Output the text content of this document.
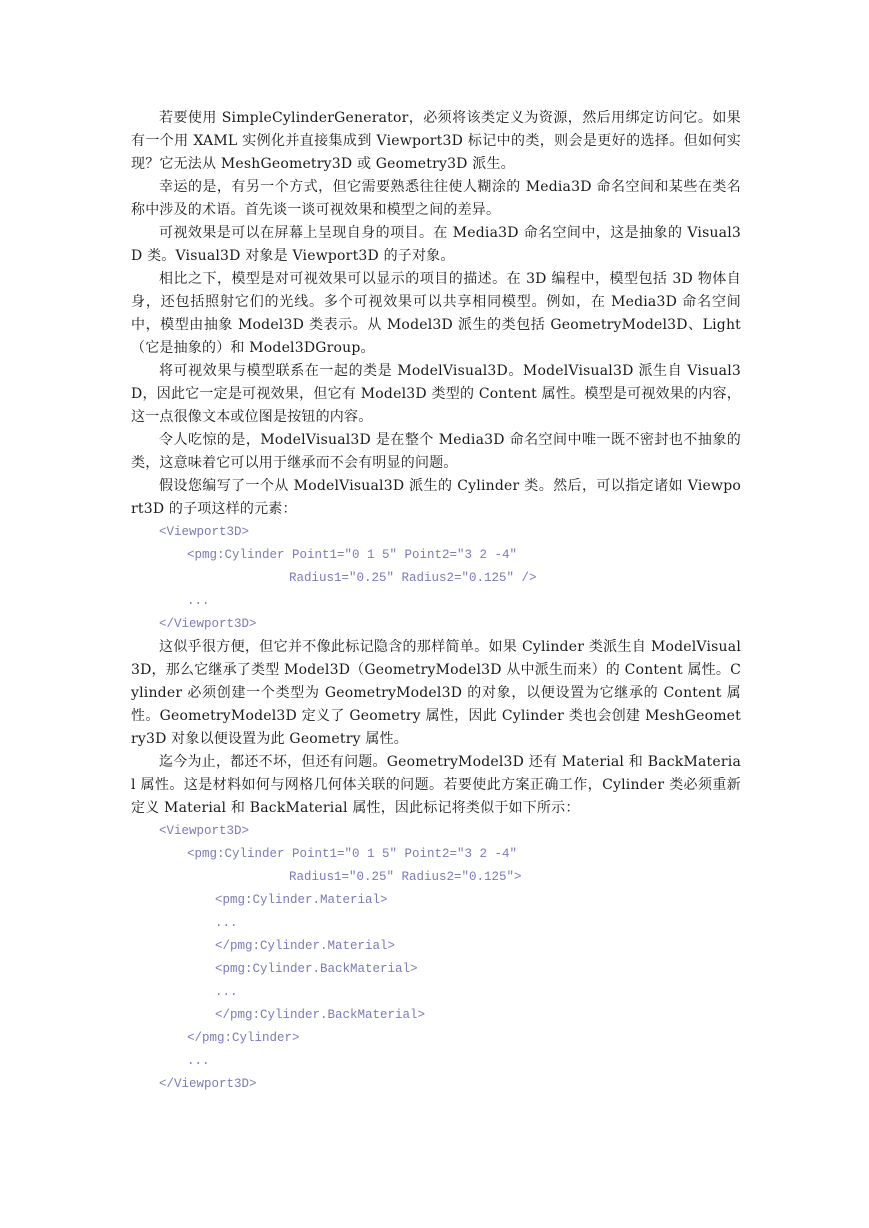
若要使用 SimpleCylinderGenerator，必须将该类定义为资源，然后用绑定访问它。如果有一个用 XAML 实例化并直接集成到 Viewport3D 标记中的类，则会是更好的选择。但如何实现？它无法从 MeshGeometry3D 或 Geometry3D 派生。

幸运的是，有另一个方式，但它需要熟悉往往使人糊涂的 Media3D 命名空间和某些在类名称中涉及的术语。首先谈一谈可视效果和模型之间的差异。

可视效果是可以在屏幕上呈现自身的项目。在 Media3D 命名空间中，这是抽象的 Visual3D 类。Visual3D 对象是 Viewport3D 的子对象。

相比之下，模型是对可视效果可以显示的项目的描述。在 3D 编程中，模型包括 3D 物体自身，还包括照射它们的光线。多个可视效果可以共享相同模型。例如，在 Media3D 命名空间中，模型由抽象 Model3D 类表示。从 Model3D 派生的类包括 GeometryModel3D、Light（它是抽象的）和 Model3DGroup。

将可视效果与模型联系在一起的类是 ModelVisual3D。ModelVisual3D 派生自 Visual3D，因此它一定是可视效果，但它有 Model3D 类型的 Content 属性。模型是可视效果的内容，这一点很像文本或位图是按钮的内容。

令人吃惊的是，ModelVisual3D 是在整个 Media3D 命名空间中唯一既不密封也不抽象的类，这意味着它可以用于继承而不会有明显的问题。

假设您编写了一个从 ModelVisual3D 派生的 Cylinder 类。然后，可以指定诸如 Viewport3D 的子项这样的元素：

<Viewport3D>
<pmg:Cylinder Point1="0 1 5" Point2="3 2 -4"
Radius1="0.25" Radius2="0.125" />
...
</Viewport3D>

这似乎很方便，但它并不像此标记隐含的那样简单。如果 Cylinder 类派生自 ModelVisual3D，那么它继承了类型 Model3D（GeometryModel3D 从中派生而来）的 Content 属性。Cylinder 必须创建一个类型为 GeometryModel3D 的对象，以便设置为它继承的 Content 属性。GeometryModel3D 定义了 Geometry 属性，因此 Cylinder 类也会创建 MeshGeometry3D 对象以便设置为此 Geometry 属性。

迄今为止，都还不坏，但还有问题。GeometryModel3D 还有 Material 和 BackMaterial 属性。这是材料如何与网格几何体关联的问题。若要使此方案正确工作，Cylinder 类必须重新定义 Material 和 BackMaterial 属性，因此标记将类似于如下所示：

<Viewport3D>
<pmg:Cylinder Point1="0 1 5" Point2="3 2 -4"
Radius1="0.25" Radius2="0.125">
<pmg:Cylinder.Material>
...
</pmg:Cylinder.Material>
<pmg:Cylinder.BackMaterial>
...
</pmg:Cylinder.BackMaterial>
</pmg:Cylinder>
...
</Viewport3D>
